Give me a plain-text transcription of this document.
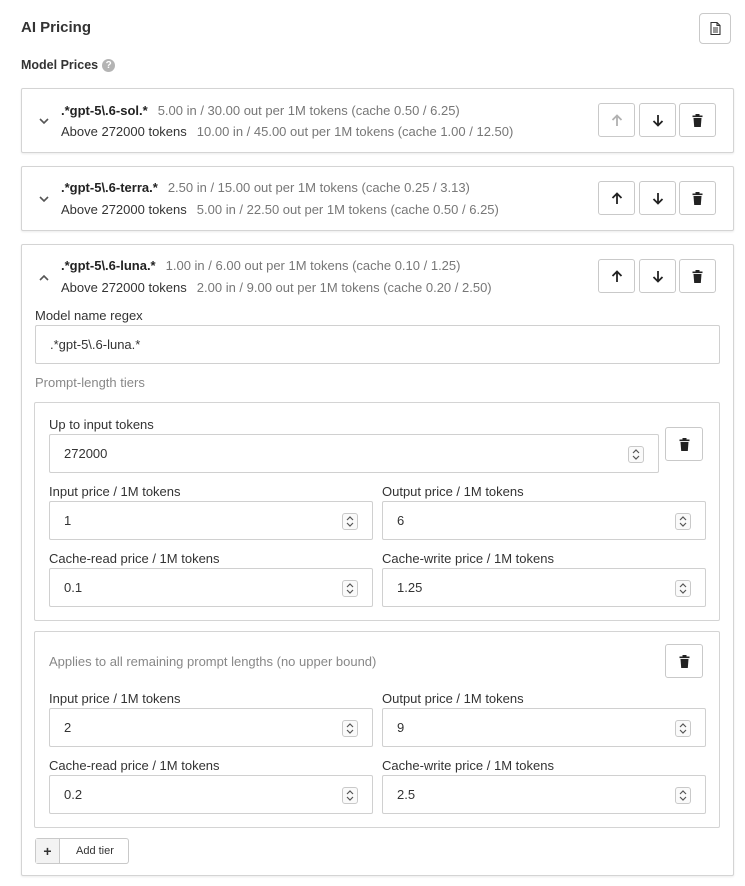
AI Pricing
Model Prices ?
.*gpt-5\.6-sol.* 5.00 in / 30.00 out per 1M tokens (cache 0.50 / 6.25)
Above 272000 tokens 10.00 in / 45.00 out per 1M tokens (cache 1.00 / 12.50)
.*gpt-5\.6-terra.* 2.50 in / 15.00 out per 1M tokens (cache 0.25 / 3.13)
Above 272000 tokens 5.00 in / 22.50 out per 1M tokens (cache 0.50 / 6.25)
.*gpt-5\.6-luna.* 1.00 in / 6.00 out per 1M tokens (cache 0.10 / 1.25)
Above 272000 tokens 2.00 in / 9.00 out per 1M tokens (cache 0.20 / 2.50)
Model name regex
.*gpt-5\.6-luna.*
Prompt-length tiers
Up to input tokens
272000
Input price / 1M tokens
1
Output price / 1M tokens
6
Cache-read price / 1M tokens
0.1
Cache-write price / 1M tokens
1.25
Applies to all remaining prompt lengths (no upper bound)
Input price / 1M tokens
2
Output price / 1M tokens
9
Cache-read price / 1M tokens
0.2
Cache-write price / 1M tokens
2.5
+	Add tier
